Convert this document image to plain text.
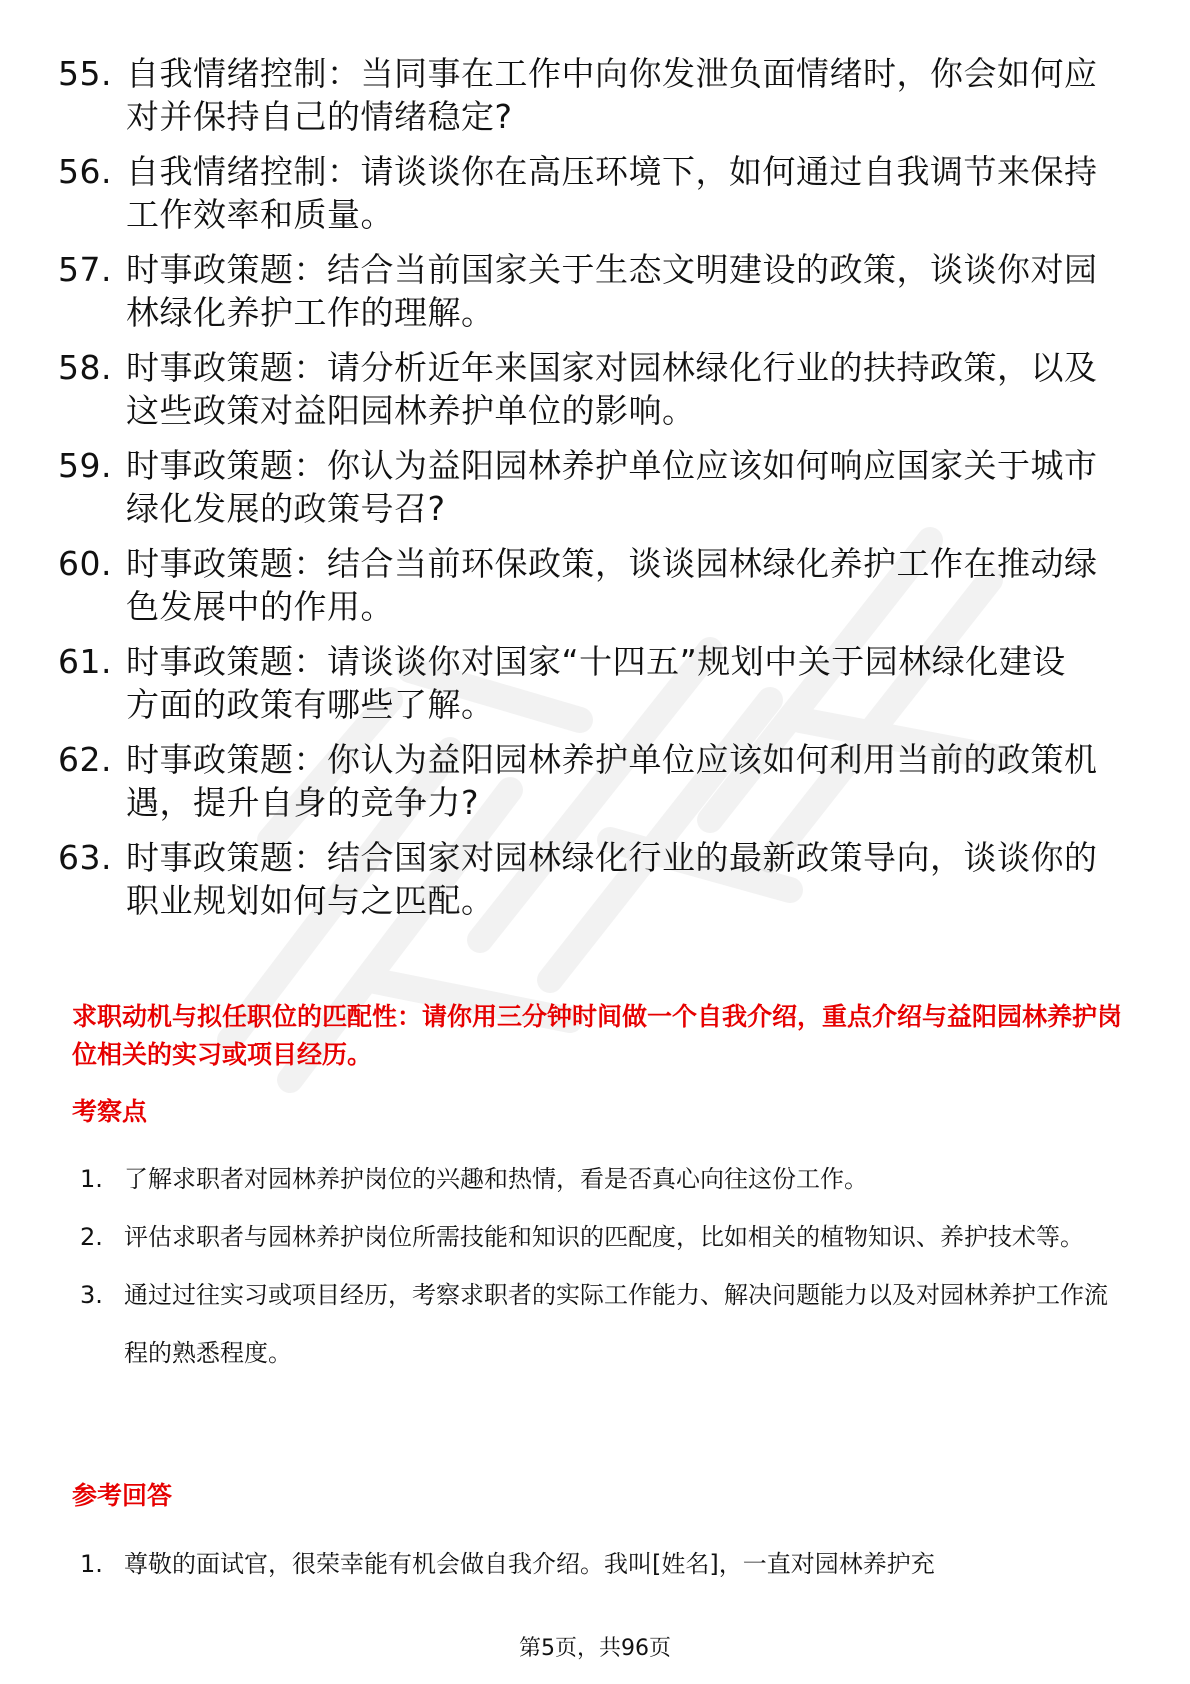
55. 自我情绪控制：当同事在工作中向你发泄负面情绪时，你会如何应对并保持自己的情绪稳定?
56. 自我情绪控制：请谈谈你在高压环境下，如何通过自我调节来保持工作效率和质量。
57. 时事政策题：结合当前国家关于生态文明建设的政策，谈谈你对园林绿化养护工作的理解。
58. 时事政策题：请分析近年来国家对园林绿化行业的扶持政策，以及这些政策对益阳园林养护单位的影响。
59. 时事政策题：你认为益阳园林养护单位应该如何响应国家关于城市绿化发展的政策号召?
60. 时事政策题：结合当前环保政策，谈谈园林绿化养护工作在推动绿色发展中的作用。
61. 时事政策题：请谈谈你对国家“十四五”规划中关于园林绿化建设方面的政策有哪些了解。
62. 时事政策题：你认为益阳园林养护单位应该如何利用当前的政策机遇，提升自身的竞争力?
63. 时事政策题：结合国家对园林绿化行业的最新政策导向，谈谈你的职业规划如何与之匹配。
求职动机与拟任职位的匹配性：请你用三分钟时间做一个自我介绍，重点介绍与益阳园林养护岗位相关的实习或项目经历。
考察点
1. 了解求职者对园林养护岗位的兴趣和热情，看是否真心向往这份工作。
2. 评估求职者与园林养护岗位所需技能和知识的匹配度，比如相关的植物知识、养护技术等。
3. 通过过往实习或项目经历，考察求职者的实际工作能力、解决问题能力以及对园林养护工作流程的熟悉程度。
参考回答
1. 尊敬的面试官，很荣幸能有机会做自我介绍。我叫[姓名]，一直对园林养护充
第5页，共96页
